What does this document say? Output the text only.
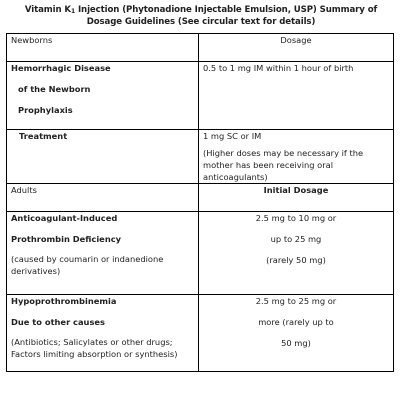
Vitamin $K_1$ Injection (Phytonadione Injectable Emulsion, USP) Summary of Dosage Guidelines (See circular text for details)
Newborns	Dosage

Hemorrhagic Disease
of the Newborn
Prophylaxis	0.5 to 1 mg IM within 1 hour of birth

Treatment	1 mg SC or IM
(Higher doses may be necessary if the mother has been receiving oral anticoagulants)

Adults	Initial Dosage

Anticoagulant-Induced
Prothrombin Deficiency
(caused by coumarin or indanedione derivatives)	2.5 mg to 10 mg or
up to 25 mg
(rarely 50 mg)

Hypoprothrombinemia
Due to other causes
(Antibiotics; Salicylates or other drugs; Factors limiting absorption or synthesis)	2.5 mg to 25 mg or
more (rarely up to
50 mg)
